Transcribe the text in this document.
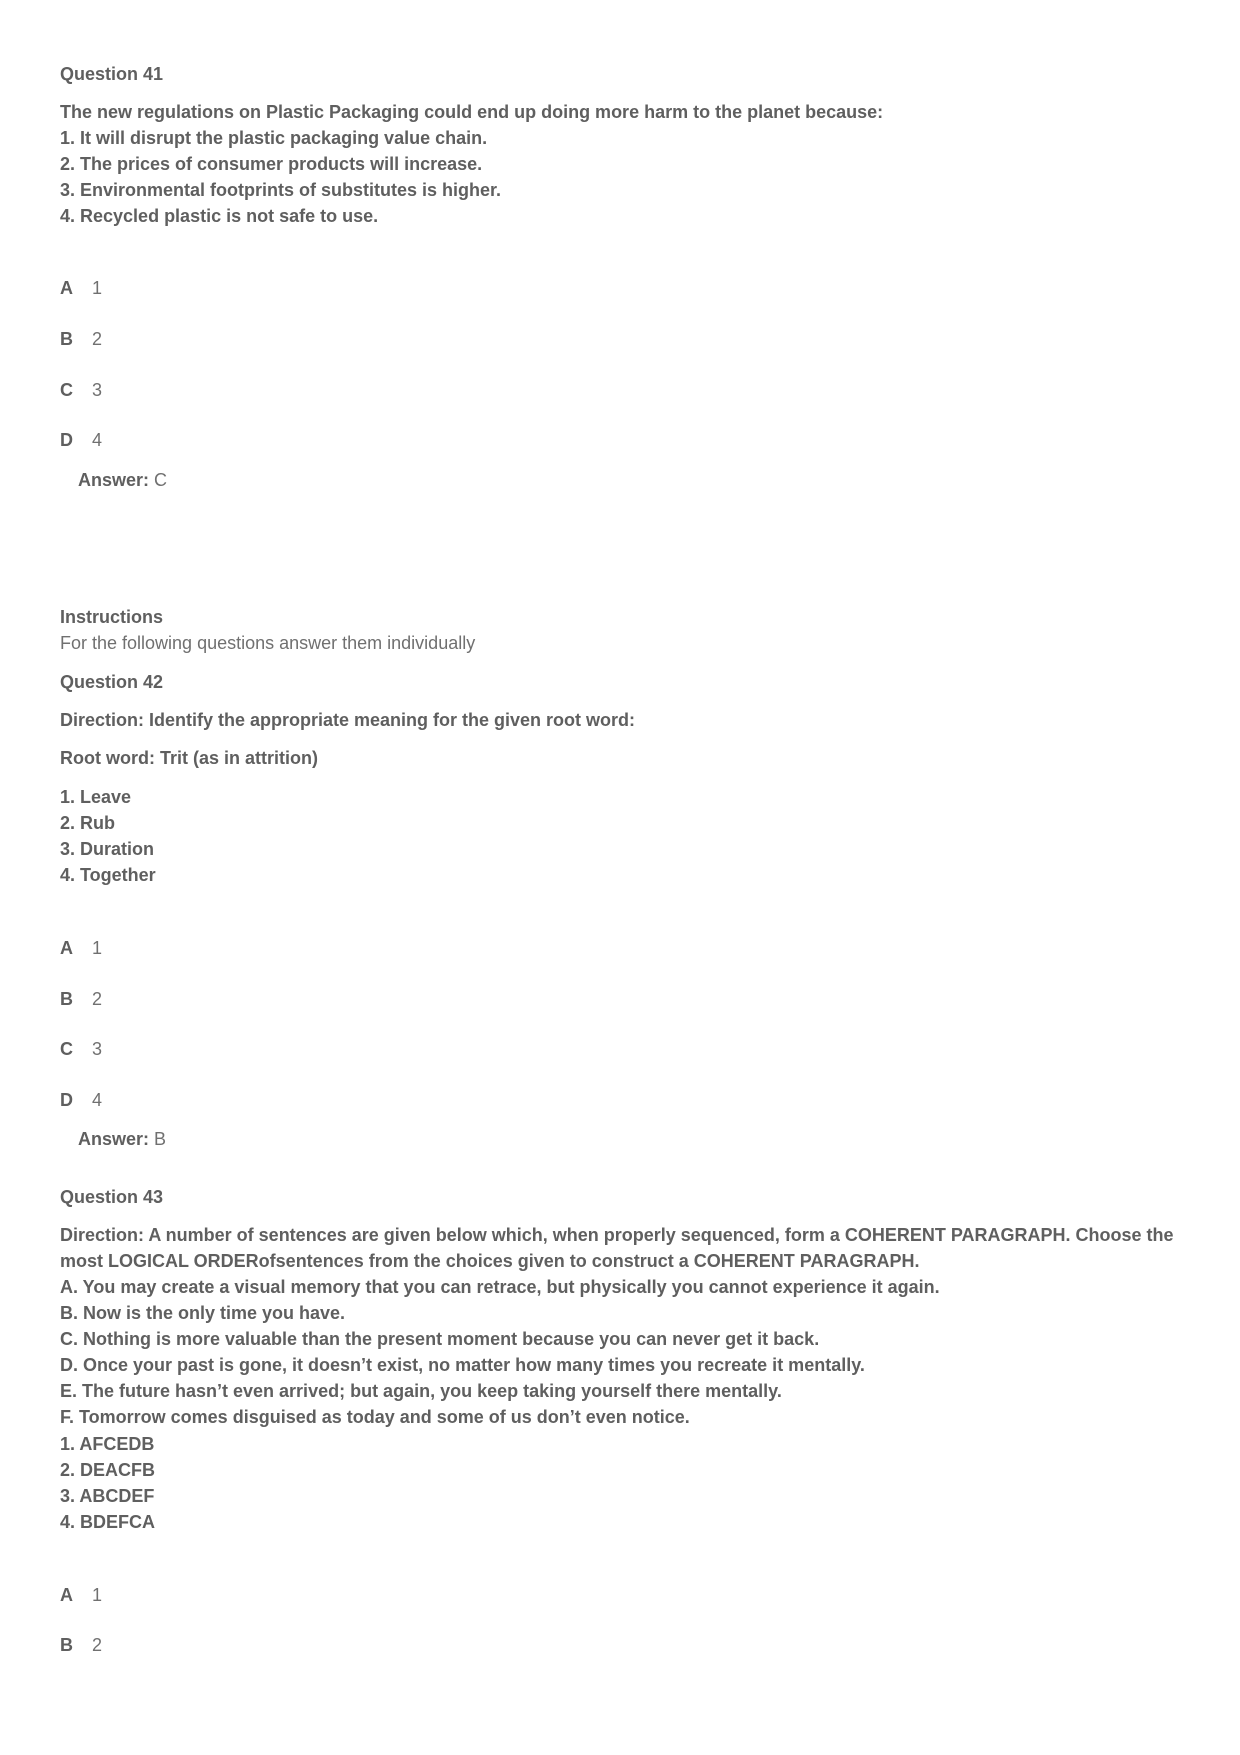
Question 41
The new regulations on Plastic Packaging could end up doing more harm to the planet because:
1. It will disrupt the plastic packaging value chain.
2. The prices of consumer products will increase.
3. Environmental footprints of substitutes is higher.
4. Recycled plastic is not safe to use.
A 1
B 2
C 3
D 4
Answer: C
Instructions
For the following questions answer them individually
Question 42
Direction: Identify the appropriate meaning for the given root word:
Root word: Trit (as in attrition)
1. Leave
2. Rub
3. Duration
4. Together
A 1
B 2
C 3
D 4
Answer: B
Question 43
Direction: A number of sentences are given below which, when properly sequenced, form a COHERENT PARAGRAPH. Choose the
most LOGICAL ORDERofsentences from the choices given to construct a COHERENT PARAGRAPH.
A. You may create a visual memory that you can retrace, but physically you cannot experience it again.
B. Now is the only time you have.
C. Nothing is more valuable than the present moment because you can never get it back.
D. Once your past is gone, it doesn’t exist, no matter how many times you recreate it mentally.
E. The future hasn’t even arrived; but again, you keep taking yourself there mentally.
F. Tomorrow comes disguised as today and some of us don’t even notice.
1. AFCEDB
2. DEACFB
3. ABCDEF
4. BDEFCA
A 1
B 2
